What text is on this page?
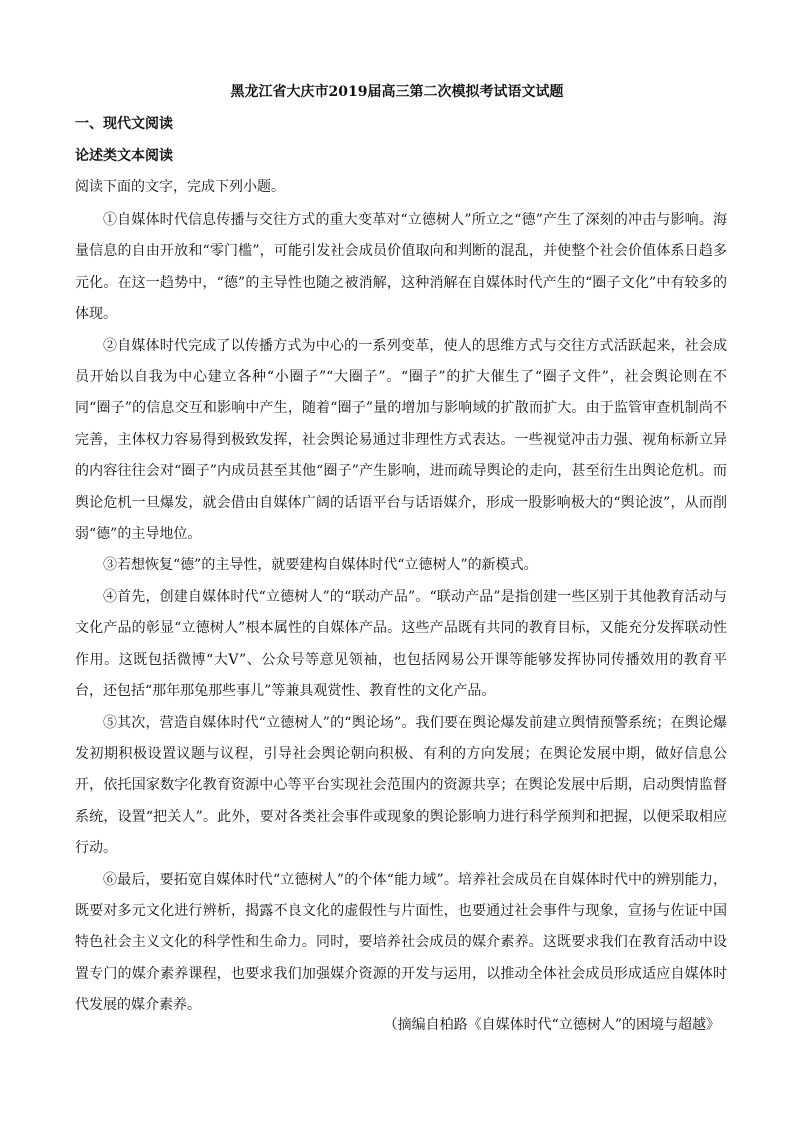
黑龙江省大庆市2019届高三第二次模拟考试语文试题
一、现代文阅读
论述类文本阅读
阅读下面的文字，完成下列小题。

①自媒体时代信息传播与交往方式的重大变革对“立德树人”所立之“德”产生了深刻的冲击与影响。海量信息的自由开放和“零门槛”，可能引发社会成员价值取向和判断的混乱，并使整个社会价值体系日趋多元化。在这一趋势中，“德”的主导性也随之被消解，这种消解在自媒体时代产生的“圈子文化”中有较多的体现。

②自媒体时代完成了以传播方式为中心的一系列变革，使人的思维方式与交往方式活跃起来，社会成员开始以自我为中心建立各种“小圈子”“大圈子”。“圈子”的扩大催生了“圈子文件”，社会舆论则在不同“圈子”的信息交互和影响中产生，随着“圈子”量的增加与影响域的扩散而扩大。由于监管审查机制尚不完善，主体权力容易得到极致发挥，社会舆论易通过非理性方式表达。一些视觉冲击力强、视角标新立异的内容往往会对“圈子”内成员甚至其他“圈子”产生影响，进而疏导舆论的走向，甚至衍生出舆论危机。而舆论危机一旦爆发，就会借由自媒体广阔的话语平台与话语媒介，形成一股影响极大的“舆论波”，从而削弱“德”的主导地位。

③若想恢复“德”的主导性，就要建构自媒体时代“立德树人”的新模式。

④首先，创建自媒体时代“立德树人”的“联动产品”。“联动产品”是指创建一些区别于其他教育活动与文化产品的彰显“立德树人”根本属性的自媒体产品。这些产品既有共同的教育目标，又能充分发挥联动性作用。这既包括微博“大V”、公众号等意见领袖，也包括网易公开课等能够发挥协同传播效用的教育平台，还包括“那年那兔那些事儿”等兼具观赏性、教育性的文化产品。

⑤其次，营造自媒体时代“立德树人”的“舆论场”。我们要在舆论爆发前建立舆情预警系统；在舆论爆发初期积极设置议题与议程，引导社会舆论朝向积极、有利的方向发展；在舆论发展中期，做好信息公开，依托国家数字化教育资源中心等平台实现社会范围内的资源共享；在舆论发展中后期，启动舆情监督系统，设置“把关人”。此外，要对各类社会事件或现象的舆论影响力进行科学预判和把握，以便采取相应行动。

⑥最后，要拓宽自媒体时代“立德树人”的个体“能力域”。培养社会成员在自媒体时代中的辨别能力，既要对多元文化进行辨析，揭露不良文化的虚假性与片面性，也要通过社会事件与现象，宣扬与佐证中国特色社会主义文化的科学性和生命力。同时，要培养社会成员的媒介素养。这既要求我们在教育活动中设置专门的媒介素养课程，也要求我们加强媒介资源的开发与运用，以推动全体社会成员形成适应自媒体时代发展的媒介素养。

（摘编自柏路《自媒体时代“立德树人”的困境与超越》
